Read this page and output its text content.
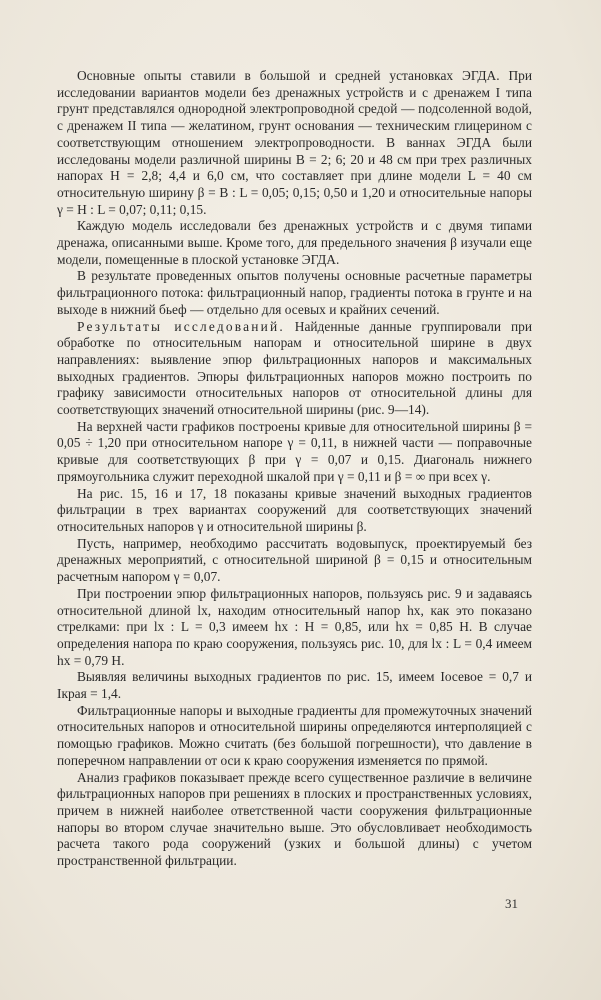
Основные опыты ставили в большой и средней установках ЭГДА. При исследовании вариантов модели без дренажных устройств и с дренажем I типа грунт представлялся однородной электропроводной средой — подсоленной водой, с дренажем II типа — желатином, грунт основания — техническим глицерином с соответствующим отношением электропроводности. В ваннах ЭГДА были исследованы модели различной ширины B = 2; 6; 20 и 48 см при трех различных напорах H = 2,8; 4,4 и 6,0 см, что составляет при длине модели L = 40 см относительную ширину β = B : L = 0,05; 0,15; 0,50 и 1,20 и относительные напоры γ = H : L = 0,07; 0,11; 0,15.

Каждую модель исследовали без дренажных устройств и с двумя типами дренажа, описанными выше. Кроме того, для предельного значения β изучали еще модели, помещенные в плоской установке ЭГДА.

В результате проведенных опытов получены основные расчетные параметры фильтрационного потока: фильтрационный напор, градиенты потока в грунте и на выходе в нижний бьеф — отдельно для осевых и крайних сечений.

Результаты исследований. Найденные данные группировали при обработке по относительным напорам и относительной ширине в двух направлениях: выявление эпюр фильтрационных напоров и максимальных выходных градиентов. Эпюры фильтрационных напоров можно построить по графику зависимости относительных напоров от относительной длины для соответствующих значений относительной ширины (рис. 9—14).

На верхней части графиков построены кривые для относительной ширины β = 0,05 ÷ 1,20 при относительном напоре γ = 0,11, в нижней части — поправочные кривые для соответствующих β при γ = 0,07 и 0,15. Диагональ нижнего прямоугольника служит переходной шкалой при γ = 0,11 и β = ∞ при всех γ.

На рис. 15, 16 и 17, 18 показаны кривые значений выходных градиентов фильтрации в трех вариантах сооружений для соответствующих значений относительных напоров γ и относительной ширины β.

Пусть, например, необходимо рассчитать водовыпуск, проектируемый без дренажных мероприятий, с относительной шириной β = 0,15 и относительным расчетным напором γ = 0,07.

При построении эпюр фильтрационных напоров, пользуясь рис. 9 и задаваясь относительной длиной lx, находим относительный напор hx, как это показано стрелками: при lx : L = 0,3 имеем hx : H = 0,85, или hx = 0,85 H. В случае определения напора по краю сооружения, пользуясь рис. 10, для lx : L = 0,4 имеем hx = 0,79 H.

Выявляя величины выходных градиентов по рис. 15, имеем Iосевое = 0,7 и Iкрая = 1,4.

Фильтрационные напоры и выходные градиенты для промежуточных значений относительных напоров и относительной ширины определяются интерполяцией с помощью графиков. Можно считать (без большой погрешности), что давление в поперечном направлении от оси к краю сооружения изменяется по прямой.

Анализ графиков показывает прежде всего существенное различие в величине фильтрационных напоров при решениях в плоских и пространственных условиях, причем в нижней наиболее ответственной части сооружения фильтрационные напоры во втором случае значительно выше. Это обусловливает необходимость расчета такого рода сооружений (узких и большой длины) с учетом пространственной фильтрации.

31
